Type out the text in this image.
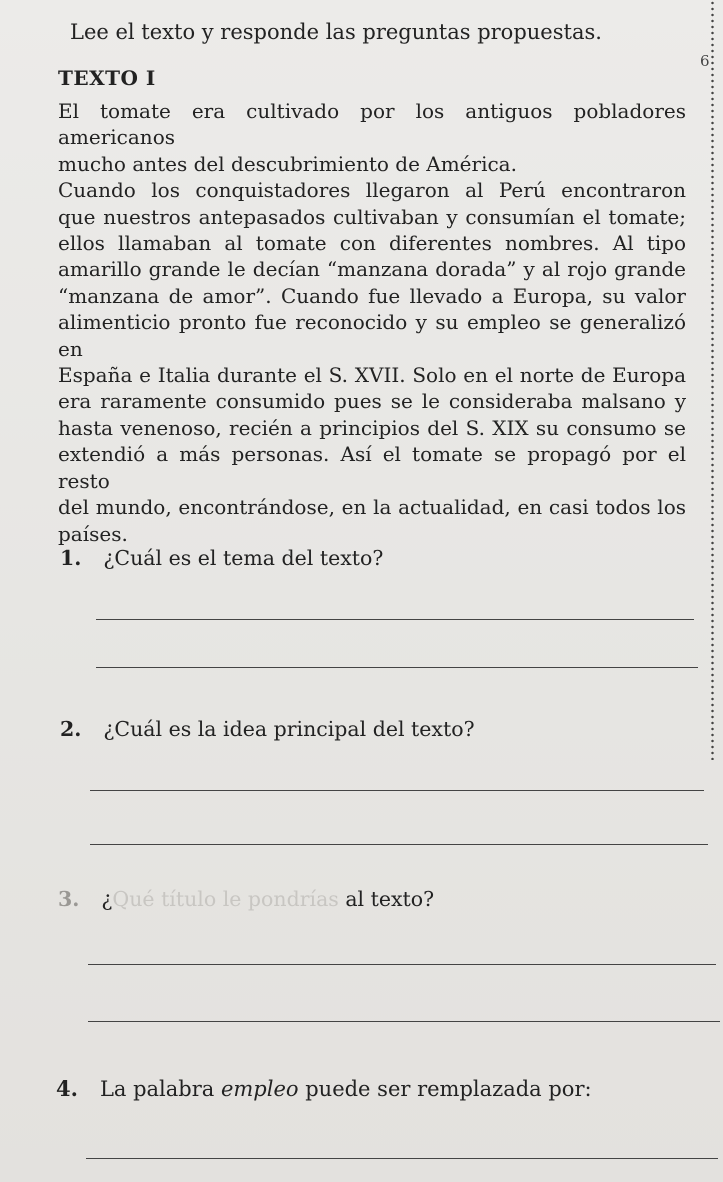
6
Lee el texto y responde las preguntas propuestas.
TEXTO I
El tomate era cultivado por los antiguos pobladores americanos
mucho antes del descubrimiento de América.
Cuando los conquistadores llegaron al Perú encontraron
que nuestros antepasados cultivaban y consumían el tomate;
ellos llamaban al tomate con diferentes nombres. Al tipo
amarillo grande le decían “manzana dorada” y al rojo grande
“manzana de amor”. Cuando fue llevado a Europa, su valor
alimenticio pronto fue reconocido y su empleo se generalizó en
España e Italia durante el S. XVII. Solo en el norte de Europa
era raramente consumido pues se le consideraba malsano y
hasta venenoso, recién a principios del S. XIX su consumo se
extendió a más personas. Así el tomate se propagó por el resto
del mundo, encontrándose, en la actualidad, en casi todos los
países.
1. ¿Cuál es el tema del texto?
2. ¿Cuál es la idea principal del texto?
3. ¿Qué título le pondrías al texto?
4. La palabra empleo puede ser remplazada por:
